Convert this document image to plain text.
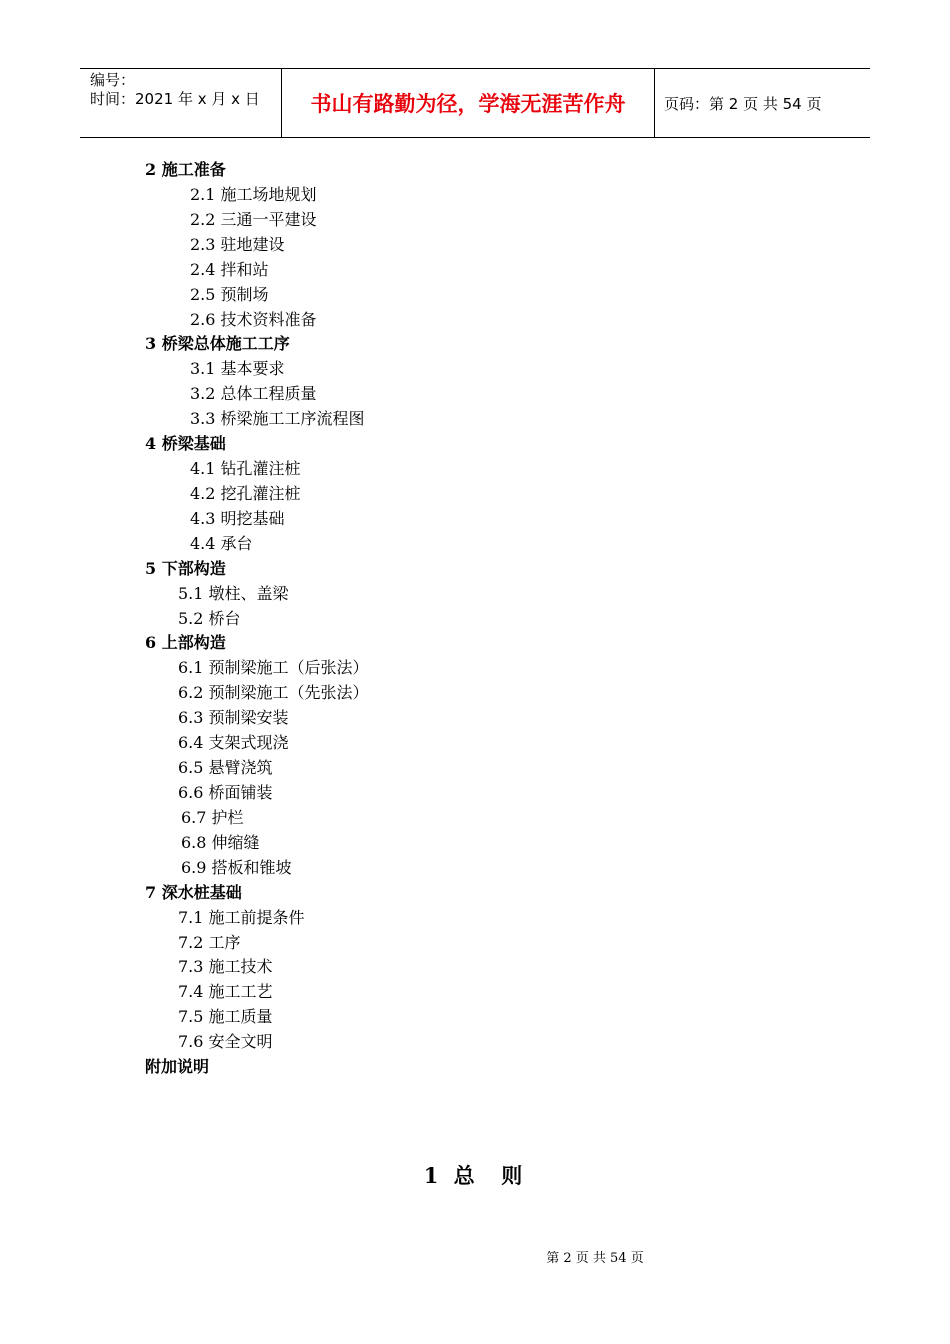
编号：
时间：2021 年 x 月 x 日	书山有路勤为径，学海无涯苦作舟	页码：第 2 页 共 54 页
2 施工准备
2.1 施工场地规划
2.2 三通一平建设
2.3 驻地建设
2.4 拌和站
2.5 预制场
2.6 技术资料准备
3 桥梁总体施工工序
3.1 基本要求
3.2 总体工程质量
3.3 桥梁施工工序流程图
4 桥梁基础
4.1 钻孔灌注桩
4.2 挖孔灌注桩
4.3 明挖基础
4.4 承台
5 下部构造
5.1 墩柱、盖梁
5.2 桥台
6 上部构造
6.1 预制梁施工（后张法）
6.2 预制梁施工（先张法）
6.3 预制梁安装
6.4 支架式现浇
6.5 悬臂浇筑
6.6 桥面铺装
6.7 护栏
6.8 伸缩缝
6.9 搭板和锥坡
7 深水桩基础
7.1 施工前提条件
7.2 工序
7.3 施工技术
7.4 施工工艺
7.5 施工质量
7.6 安全文明
附加说明
1 总  则
第 2 页 共 54 页
